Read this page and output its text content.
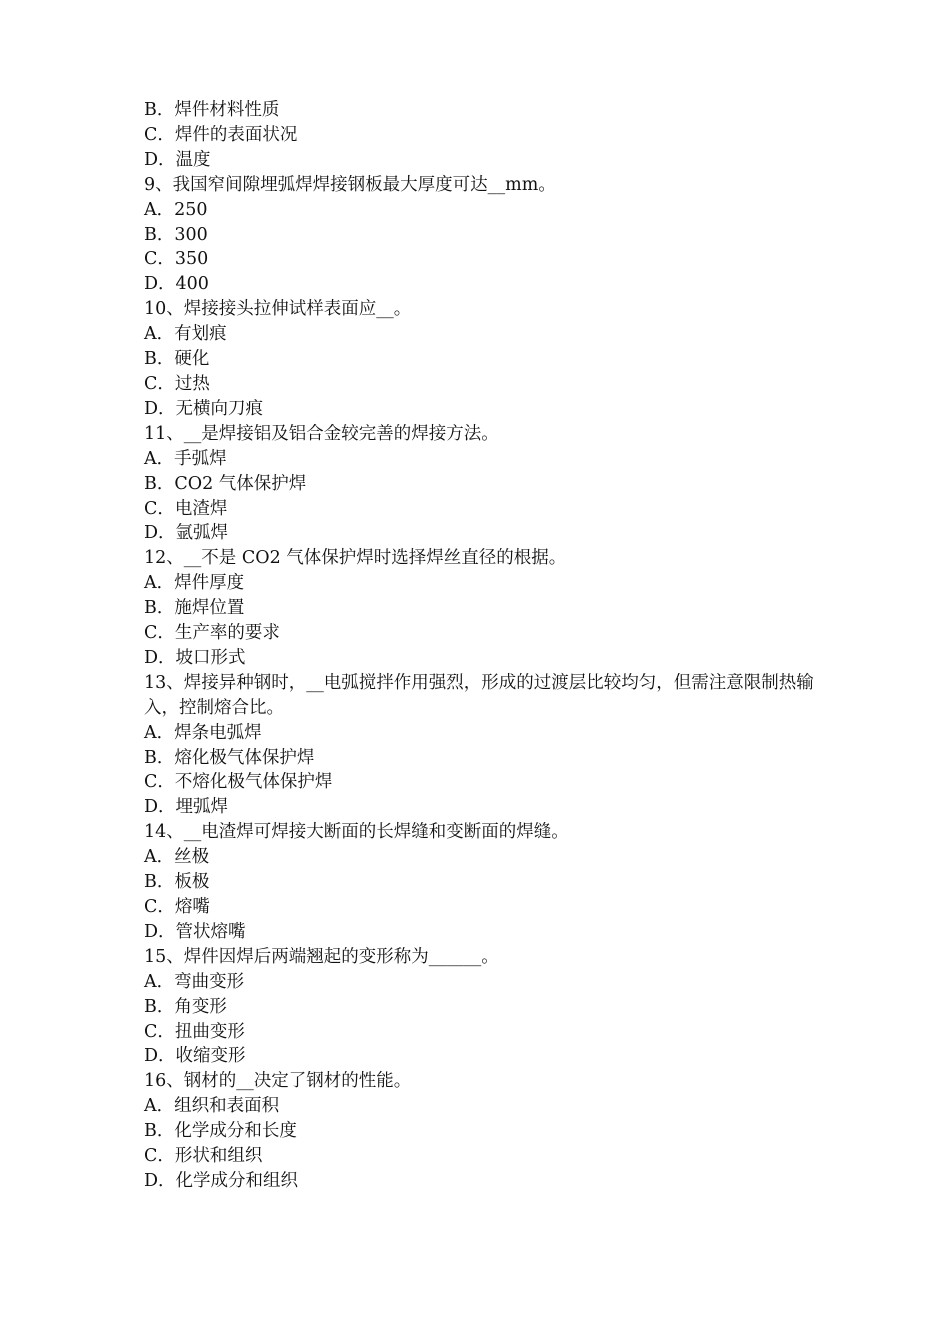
B．焊件材料性质

C．焊件的表面状况

D．温度

9、我国窄间隙埋弧焊焊接钢板最大厚度可达__mm。

A．250

B．300

C．350

D．400

10、焊接接头拉伸试样表面应__。

A．有划痕

B．硬化

C．过热

D．无横向刀痕

11、__是焊接铝及铝合金较完善的焊接方法。

A．手弧焊

B．CO2 气体保护焊

C．电渣焊

D．氩弧焊

12、__不是 CO2 气体保护焊时选择焊丝直径的根据。

A．焊件厚度

B．施焊位置

C．生产率的要求

D．坡口形式

13、焊接异种钢时，__电弧搅拌作用强烈，形成的过渡层比较均匀，但需注意限制热输入，控制熔合比。

A．焊条电弧焊

B．熔化极气体保护焊

C．不熔化极气体保护焊

D．埋弧焊

14、__电渣焊可焊接大断面的长焊缝和变断面的焊缝。

A．丝极

B．板极

C．熔嘴

D．管状熔嘴

15、焊件因焊后两端翘起的变形称为______。

A．弯曲变形

B．角变形

C．扭曲变形

D．收缩变形

16、钢材的__决定了钢材的性能。

A．组织和表面积

B．化学成分和长度

C．形状和组织

D．化学成分和组织
